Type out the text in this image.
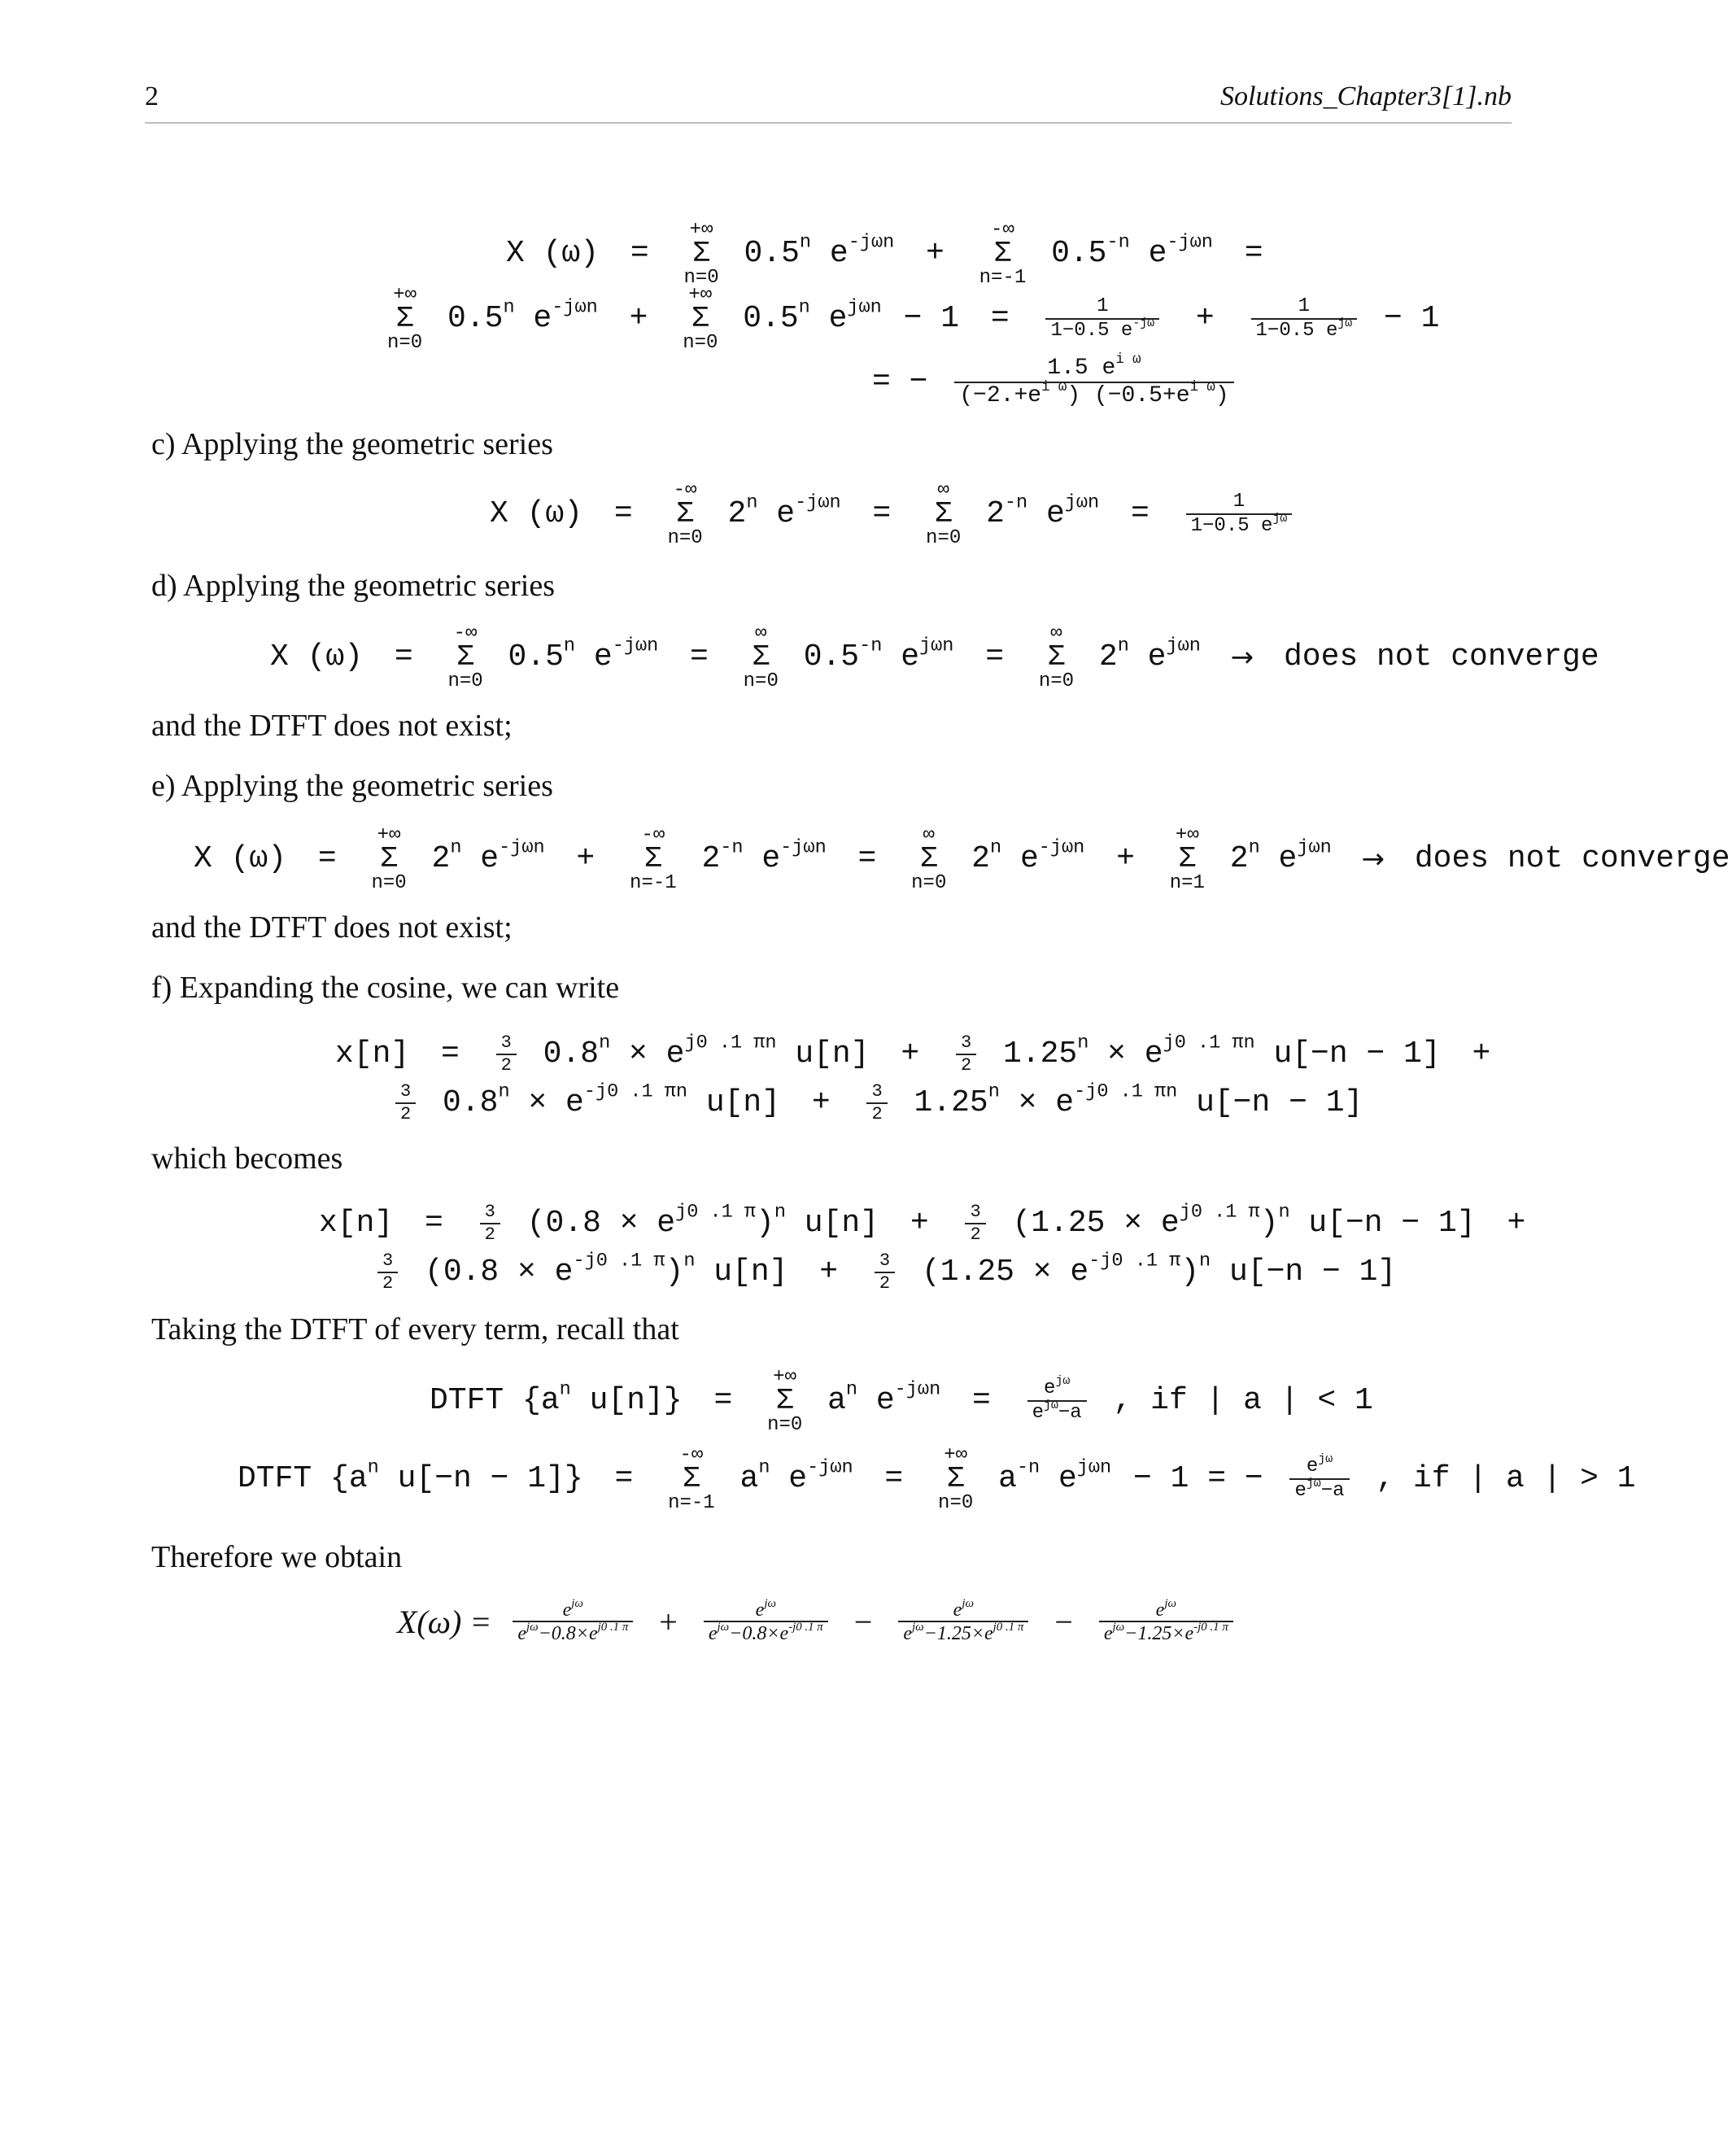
2	Solutions_Chapter3[1].nb
X (ω) =
+∞
Σ
n=0
0.5$^n$ $e^{-j\omega n}$ +
-∞
Σ
n=-1
$0.5^{-n}$ $e^{-j\omega n}$ =
+∞
Σ
n=0
0.5$^n$ $e^{-j\omega n}$ +
+∞
Σ
n=0
0.5$^n$ $e^{j\omega n} - 1 = \frac{1}{1-0.5 e^{-j\omega}} + \frac{1}{1-0.5 e^{j\omega}} - 1$
= − $\frac{1.5 e^{i \omega}}{(-2.+e^{i \omega}) (-0.5+e^{i \omega})}$
c) Applying the geometric series
X (ω) =
-∞
Σ
n=0
2$^n$ $e^{-j\omega n}$ =
∞
Σ
n=0
$2^{-n}$ $e^{j\omega n} = \frac{1}{1-0.5 e^{j\omega}}$
d) Applying the geometric series
X (ω) =
-∞
Σ
n=0
0.5$^n$ $e^{-j\omega n}$ =
∞
Σ
n=0
$0.5^{-n}$ $e^{j\omega n}$ =
∞
Σ
n=0
2$^n$ $e^{j\omega n}$ → does not converge
and the DTFT does not exist;
e) Applying the geometric series
X (ω) =
+∞
Σ
n=0
2$^n$ $e^{-j\omega n}$ +
-∞
Σ
n=-1
$2^{-n}$ $e^{-j\omega n}$ =
∞
Σ
n=0
2$^n$ $e^{-j\omega n}$ +
+∞
Σ
n=1
2$^n$ $e^{j\omega n}$ → does not converge
and the DTFT does not exist;
f) Expanding the cosine, we can write
$x[n] = \frac{3}{2} 0.8^n \times e^{j0 .1 \pi n}$ $u[n] + \frac{3}{2} 1.25^n \times e^{j0 .1 \pi n}$ u[−n − 1] +
$\frac{3}{2} 0.8^n \times e^{-j0 .1 \pi n}$ $u[n] + \frac{3}{2} 1.25^n \times e^{-j0 .1 \pi n}$ u[−n − 1]
which becomes
$x[n] = \frac{3}{2} (0.8 \times e^{j0 .1 \pi})^n$ $u[n] + \frac{3}{2} (1.25 \times e^{j0 .1 \pi})^n$ u[−n − 1] +
$\frac{3}{2} (0.8 \times e^{-j0 .1 \pi})^n$ $u[n] + \frac{3}{2} (1.25 \times e^{-j0 .1 \pi})^n$ u[−n − 1]
Taking the DTFT of every term, recall that
DTFT {$a^n$ u[n]} =
+∞
Σ
n=0
$a^n$ $e^{-j\omega n} = \frac{e^{j\omega}}{e^{j\omega}-a}$ , if | a | < 1
DTFT {$a^n$ u[−n − 1]} =
-∞
Σ
n=-1
$a^n$ $e^{-j\omega n}$ =
+∞
Σ
n=0
$a^{-n}$ $e^{j\omega n} - 1$ = − $\frac{e^{j\omega}}{e^{j\omega}-a}$ , if | a | > 1
Therefore we obtain
$X(\omega) = \frac{e^{j\omega}}{e^{j\omega}-0.8\times e^{j0 .1 \pi}} + \frac{e^{j\omega}}{e^{j\omega}-0.8\times e^{-j0 .1 \pi}} - \frac{e^{j\omega}}{e^{j\omega}-1.25\times e^{j0 .1 \pi}} - \frac{e^{j\omega}}{e^{j\omega}-1.25\times e^{-j0 .1 \pi}}$
